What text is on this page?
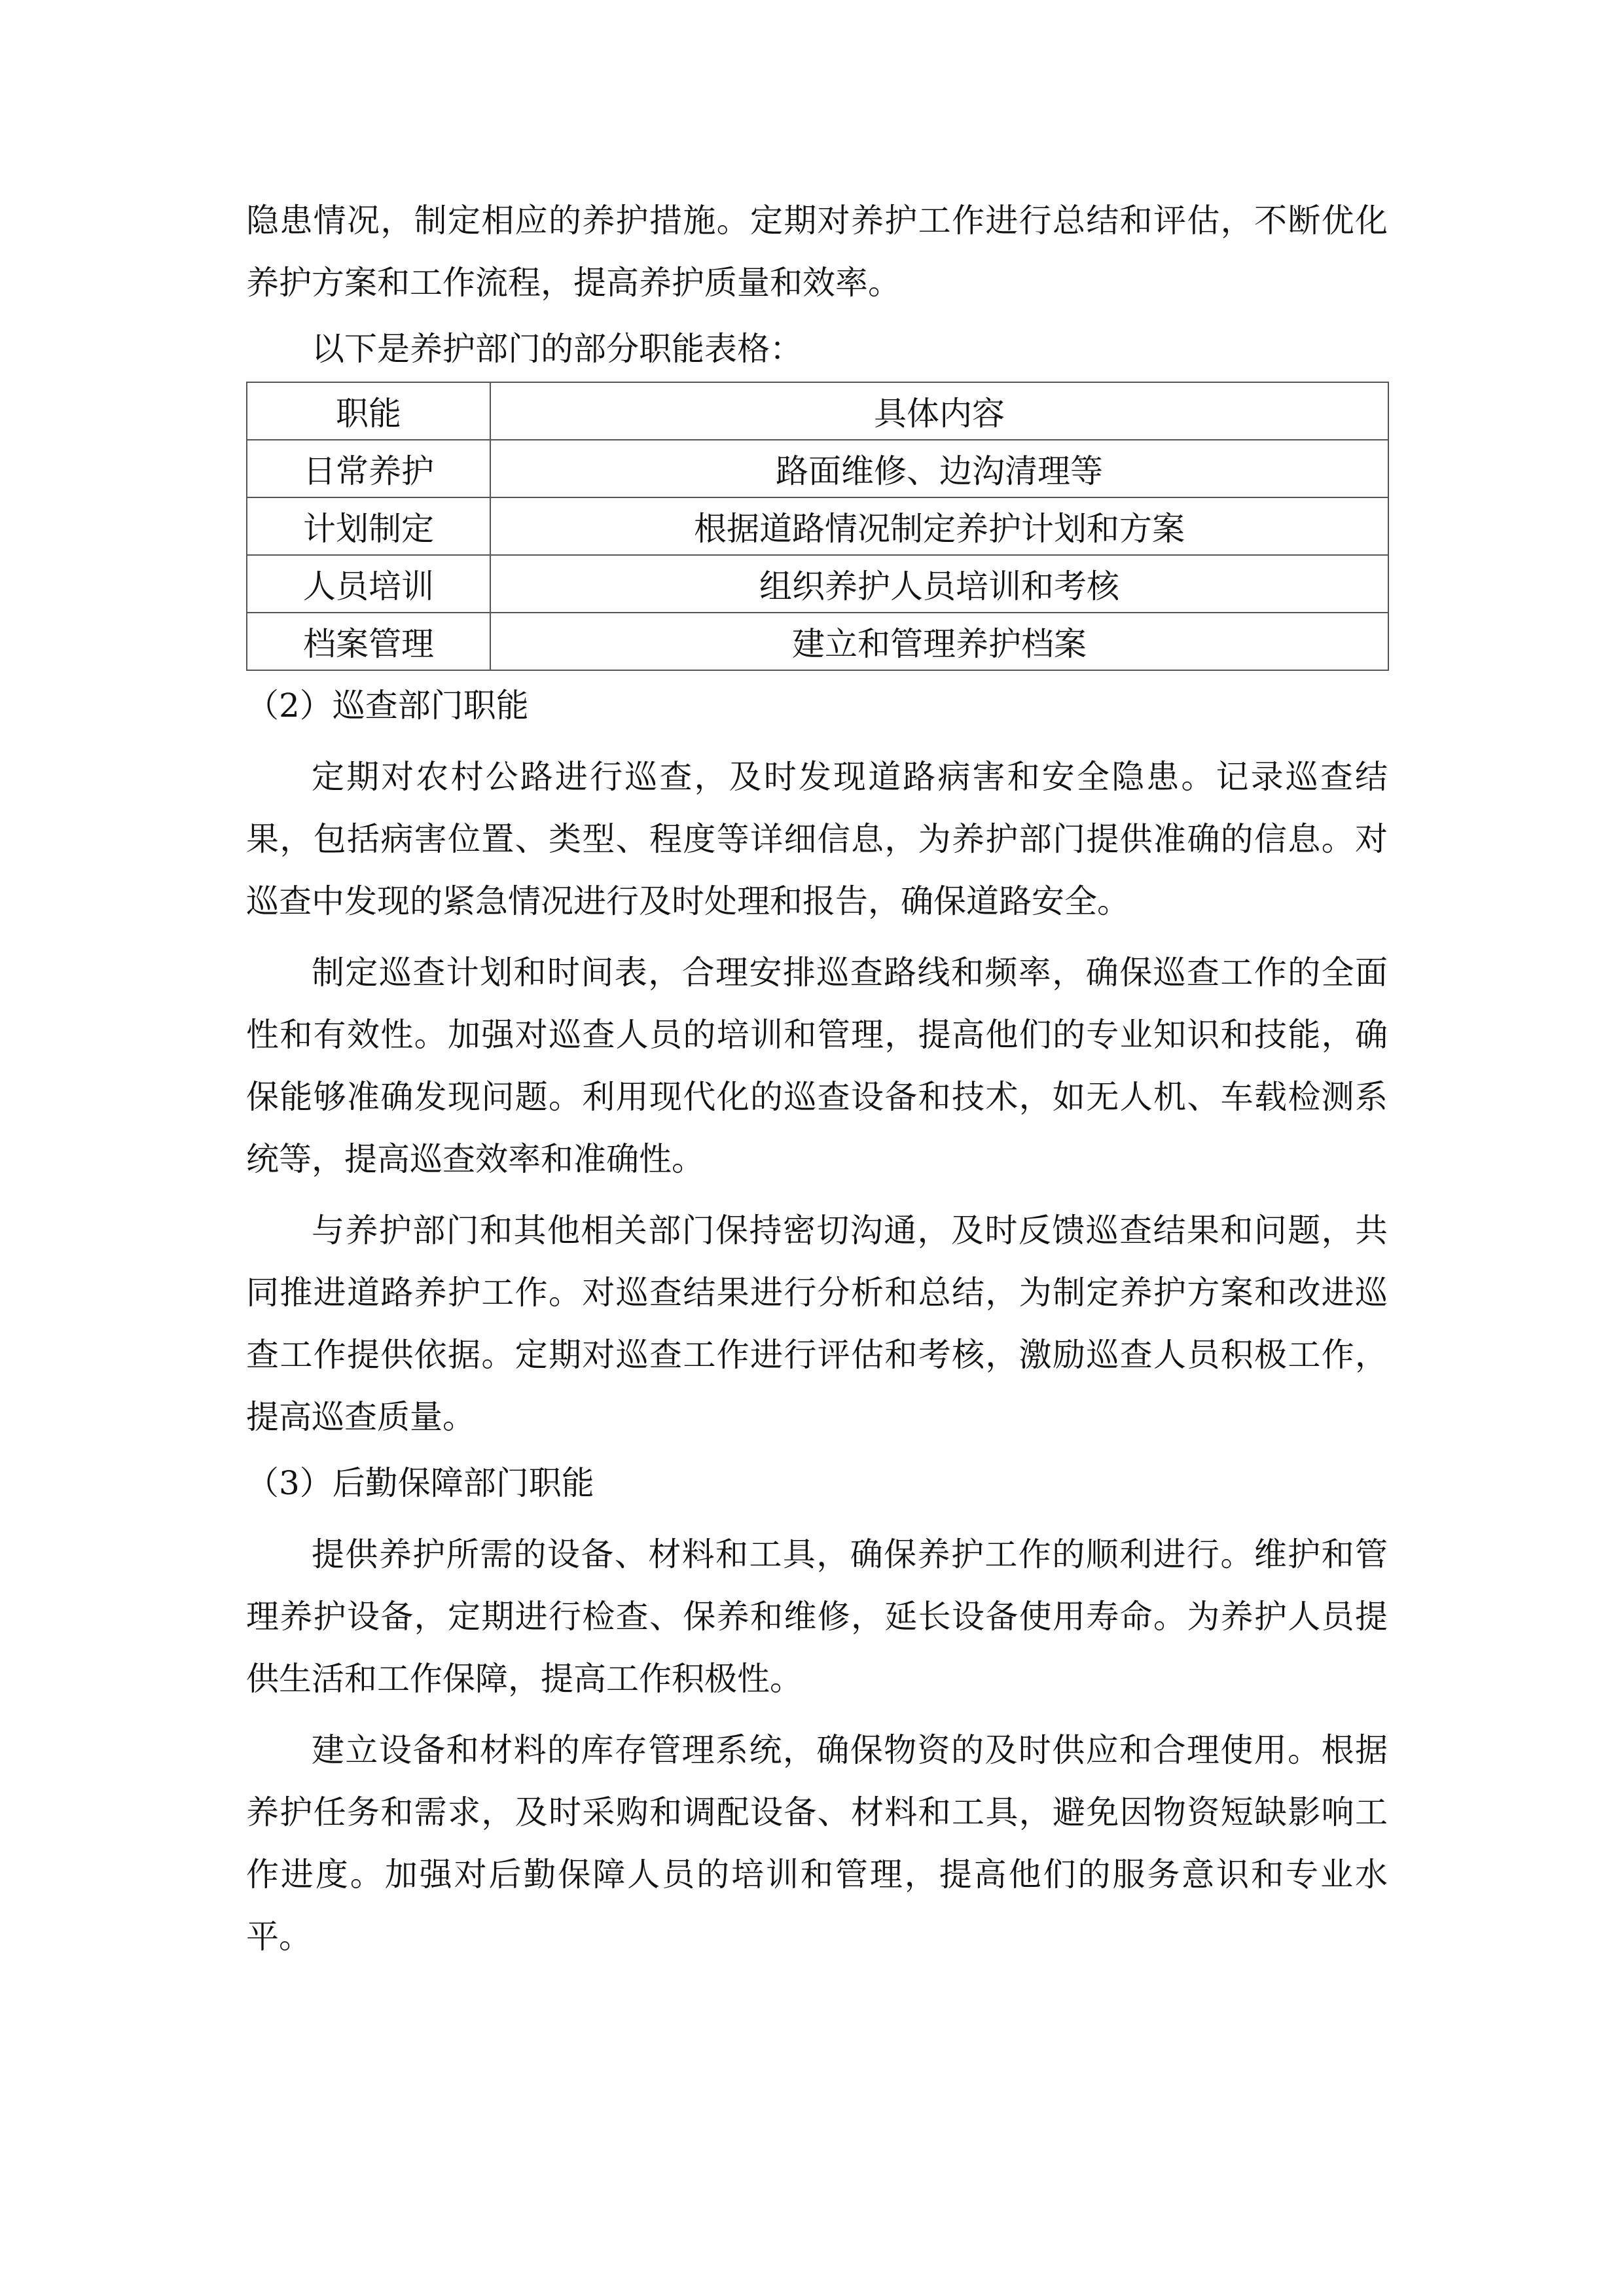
隐患情况，制定相应的养护措施。定期对养护工作进行总结和评估，不断优化养护方案和工作流程，提高养护质量和效率。

以下是养护部门的部分职能表格：

职能	具体内容
日常养护	路面维修、边沟清理等
计划制定	根据道路情况制定养护计划和方案
人员培训	组织养护人员培训和考核
档案管理	建立和管理养护档案

（2）巡查部门职能

定期对农村公路进行巡查，及时发现道路病害和安全隐患。记录巡查结果，包括病害位置、类型、程度等详细信息，为养护部门提供准确的信息。对巡查中发现的紧急情况进行及时处理和报告，确保道路安全。

制定巡查计划和时间表，合理安排巡查路线和频率，确保巡查工作的全面性和有效性。加强对巡查人员的培训和管理，提高他们的专业知识和技能，确保能够准确发现问题。利用现代化的巡查设备和技术，如无人机、车载检测系统等，提高巡查效率和准确性。

与养护部门和其他相关部门保持密切沟通，及时反馈巡查结果和问题，共同推进道路养护工作。对巡查结果进行分析和总结，为制定养护方案和改进巡查工作提供依据。定期对巡查工作进行评估和考核，激励巡查人员积极工作，提高巡查质量。

（3）后勤保障部门职能

提供养护所需的设备、材料和工具，确保养护工作的顺利进行。维护和管理养护设备，定期进行检查、保养和维修，延长设备使用寿命。为养护人员提供生活和工作保障，提高工作积极性。

建立设备和材料的库存管理系统，确保物资的及时供应和合理使用。根据养护任务和需求，及时采购和调配设备、材料和工具，避免因物资短缺影响工作进度。加强对后勤保障人员的培训和管理，提高他们的服务意识和专业水平。
